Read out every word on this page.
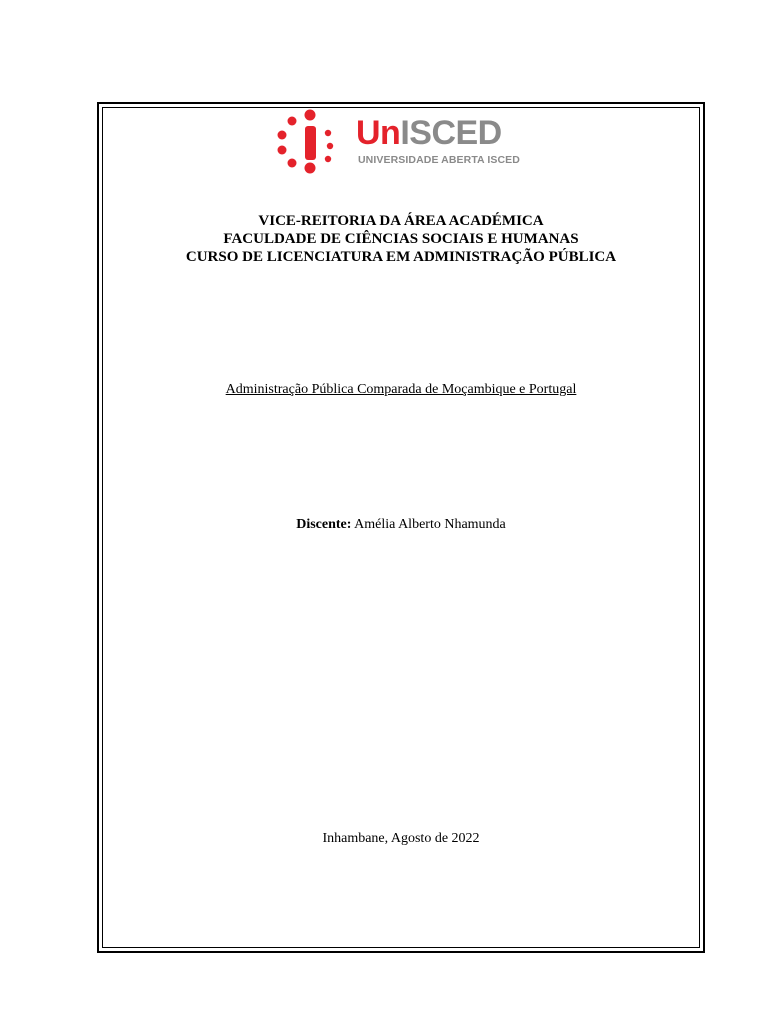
UnISCED
UNIVERSIDADE ABERTA ISCED
VICE-REITORIA DA ÁREA ACADÉMICA
FACULDADE DE CIÊNCIAS SOCIAIS E HUMANAS
CURSO DE LICENCIATURA EM ADMINISTRAÇÃO PÚBLICA
Administração Pública Comparada de Moçambique e Portugal
Discente: Amélia Alberto Nhamunda
Inhambane, Agosto de 2022
